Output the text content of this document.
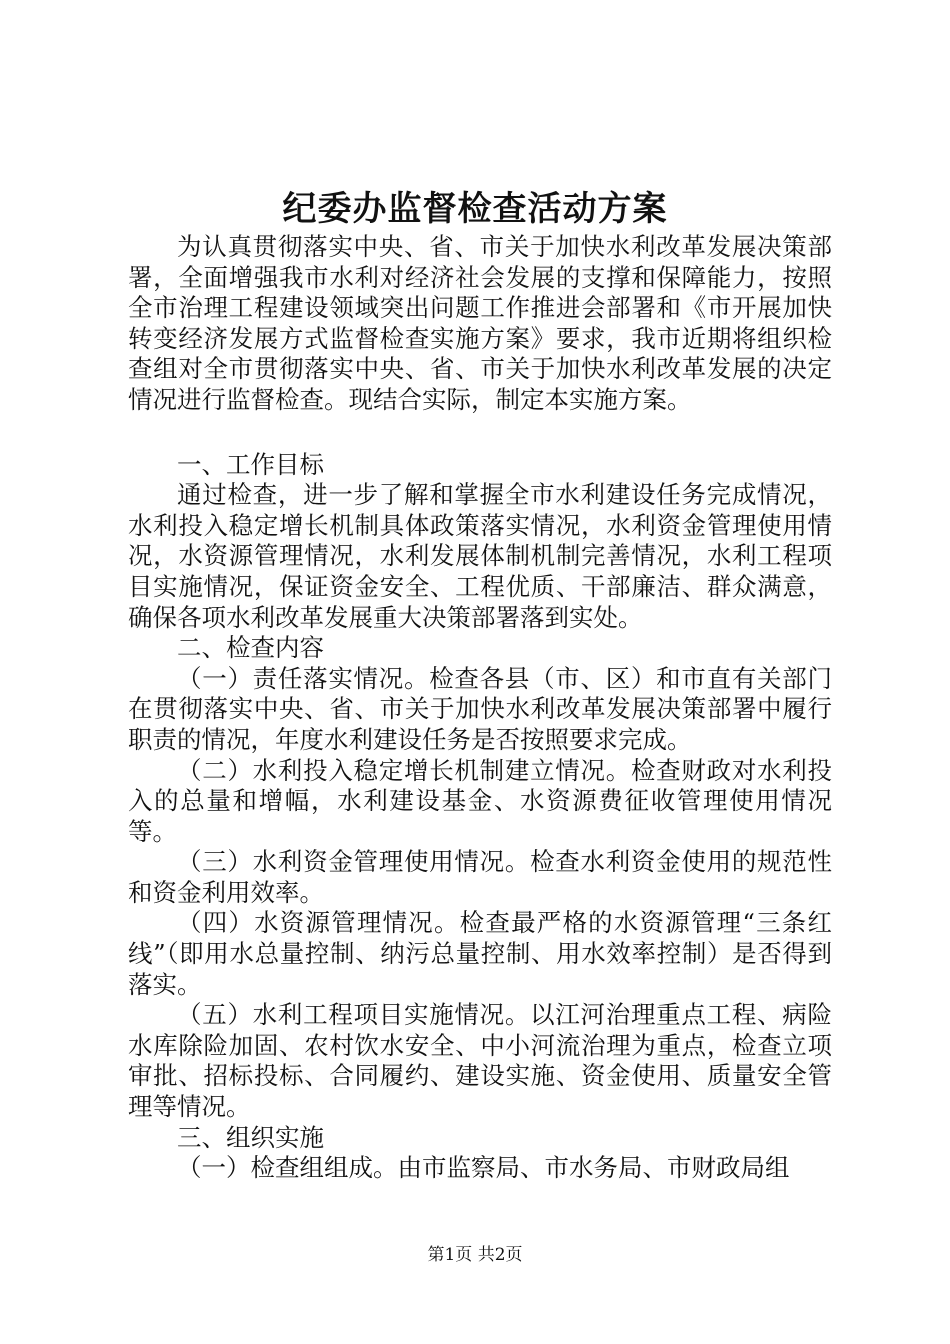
纪委办监督检查活动方案

为认真贯彻落实中央、省、市关于加快水利改革发展决策部署，全面增强我市水利对经济社会发展的支撑和保障能力，按照全市治理工程建设领域突出问题工作推进会部署和《市开展加快转变经济发展方式监督检查实施方案》要求，我市近期将组织检查组对全市贯彻落实中央、省、市关于加快水利改革发展的决定情况进行监督检查。现结合实际，制定本实施方案。

一、工作目标

通过检查，进一步了解和掌握全市水利建设任务完成情况，水利投入稳定增长机制具体政策落实情况，水利资金管理使用情况，水资源管理情况，水利发展体制机制完善情况，水利工程项目实施情况，保证资金安全、工程优质、干部廉洁、群众满意，确保各项水利改革发展重大决策部署落到实处。

二、检查内容

（一）责任落实情况。检查各县（市、区）和市直有关部门在贯彻落实中央、省、市关于加快水利改革发展决策部署中履行职责的情况，年度水利建设任务是否按照要求完成。

（二）水利投入稳定增长机制建立情况。检查财政对水利投入的总量和增幅，水利建设基金、水资源费征收管理使用情况等。

（三）水利资金管理使用情况。检查水利资金使用的规范性和资金利用效率。

（四）水资源管理情况。检查最严格的水资源管理“三条红线”（即用水总量控制、纳污总量控制、用水效率控制）是否得到落实。

（五）水利工程项目实施情况。以江河治理重点工程、病险水库除险加固、农村饮水安全、中小河流治理为重点，检查立项审批、招标投标、合同履约、建设实施、资金使用、质量安全管理等情况。

三、组织实施

（一）检查组组成。由市监察局、市水务局、市财政局组

第1页 共2页
